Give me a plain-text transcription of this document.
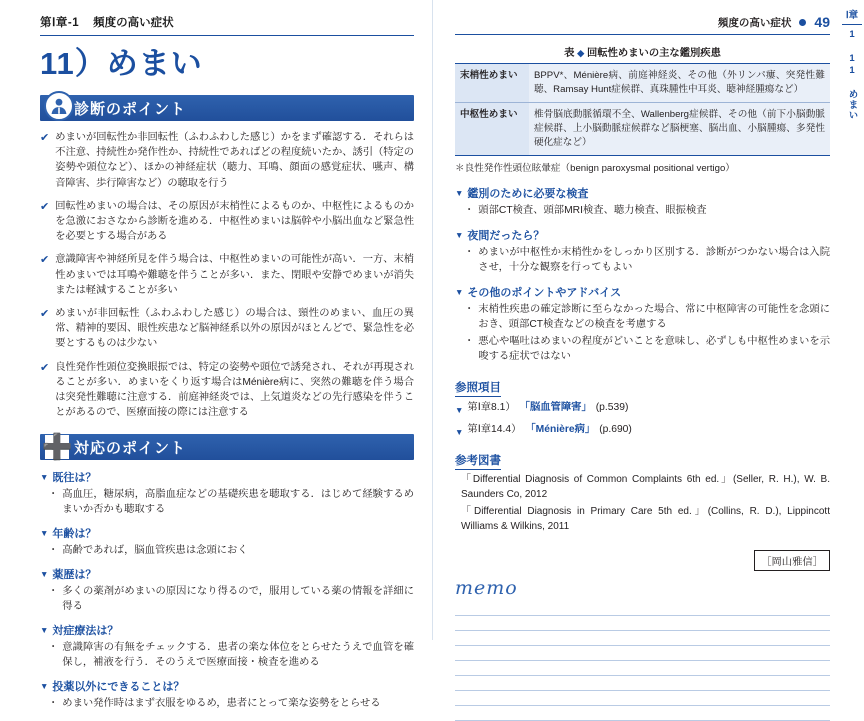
第Ⅰ章-1 頻度の高い症状
11）めまい
診断のポイント
✔ めまいが回転性か非回転性（ふわふわした感じ）かをまず確認する．それらは不注意、持続性か発作性か、持続性であればどの程度続いたか、誘引（特定の姿勢や頭位など）、ほかの神経症状（聴力、耳鳴、顔面の感覚症状、嚥声、構音障害、歩行障害など）の聴取を行う
✔ 回転性めまいの場合は、その原因が末梢性によるものか、中枢性によるものかを急激におさなから診断を進める．中枢性めまいは脳幹や小脳出血など緊急性を必要とする場合がある
✔ 意識障害や神経所見を伴う場合は、中枢性めまいの可能性が高い．一方、末梢性めまいでは耳鳴や難聴を伴うことが多い．また、閉眼や安静でめまいが消失または軽減することが多い
✔ めまいが非回転性（ふわふわした感じ）の場合は、頸性のめまい、血圧の異常、精神的要因、眼性疾患など脳神経系以外の原因がほとんどで、緊急性を必要とするものは少ない
✔ 良性発作性頭位変換眼振では、特定の姿勢や頭位で誘発され、それが再現されることが多い．めまいをくり返す場合はMénière病に、突然の難聴を伴う場合は突発性難聴に注意する．前庭神経炎では、上気道炎などの先行感染を伴うことがあるので、医療面接の際には注意する
➕ 対応のポイント
▼ 既往は？
・ 高血圧，糖尿病，高脂血症などの基礎疾患を聴取する．はじめて経験するめまいか否かも聴取する
▼ 年齢は？
・ 高齢であれば，脳血管疾患は念頭におく
▼ 薬歴は？
・ 多くの薬剤がめまいの原因になり得るので，服用している薬の情報を詳細に得る
▼ 対症療法は？
・ 意識障害の有無をチェックする．患者の楽な体位をとらせたうえで血管を確保し，補液を行う．そのうえで医療面接・検査を進める
▼ 投薬以外にできることは？
・ めまい発作時はまず衣服をゆるめ，患者にとって楽な姿勢をとらせる
頻度の高い症状 49	Ⅰ章
1 11 めまい
表 ◆ 回転性めまいの主な鑑別疾患
末梢性めまい	BPPV*、Ménière病、前庭神経炎、その他（外リンパ瘻、突発性難聴、Ramsay Hunt症候群、真珠腫性中耳炎、聴神経腫瘍など）
中枢性めまい	椎骨脳底動脈循環不全、Wallenberg症候群、その他（前下小脳動脈症候群、上小脳動脈症候群など脳梗塞、脳出血、小脳腫瘍、多発性硬化症など）
＊良性発作性頭位眩暈症（benign paroxysmal positional vertigo）
▼ 鑑別のために必要な検査
・ 頭部CT検査、頭部MRI検査、聴力検査、眼振検査
▼ 夜間だったら？
・ めまいが中枢性か末梢性かをしっかり区別する．診断がつかない場合は入院させ，十分な観察を行ってもよい
▼ その他のポイントやアドバイス
・ 末梢性疾患の確定診断に至らなかった場合、常に中枢障害の可能性を念頭におき、頭部CT検査などの検査を考慮する
・ 悪心や嘔吐はめまいの程度がどいことを意味し、必ずしも中枢性めまいを示唆する症状ではない
参照項目
▼ 第Ⅰ章8.1） 「脳血管障害」 (p.539)
▼ 第Ⅰ章14.4） 「Ménière病」 (p.690)
参考図書
「Differential Diagnosis of Common Complaints 6th ed.」(Seller, R. H.), W. B. Saunders Co, 2012
「Differential Diagnosis in Primary Care 5th ed.」(Collins, R. D.), Lippincott Williams & Wilkins, 2011
［岡山雅信］
memo
